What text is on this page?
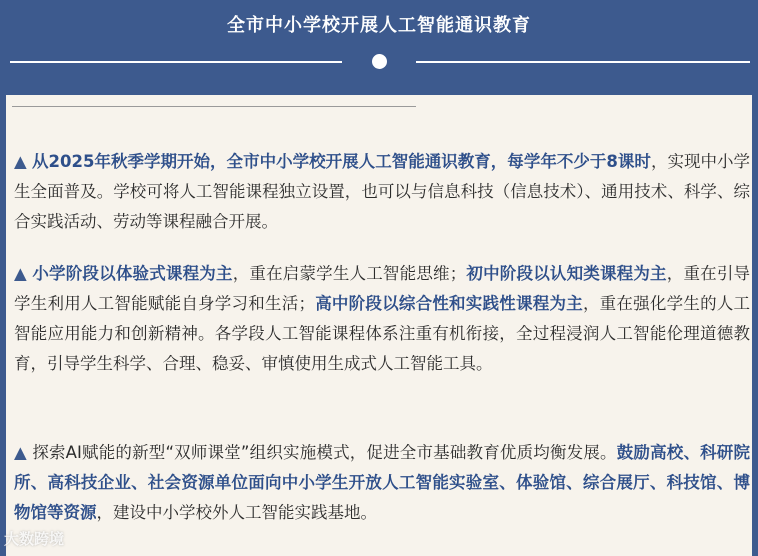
全市中小学校开展人工智能通识教育
▲ 从2025年秋季学期开始，全市中小学校开展人工智能通识教育，每学年不少于8课时，实现中小学生全面普及。学校可将人工智能课程独立设置，也可以与信息科技（信息技术）、通用技术、科学、综合实践活动、劳动等课程融合开展。
▲ 小学阶段以体验式课程为主，重在启蒙学生人工智能思维；初中阶段以认知类课程为主，重在引导学生利用人工智能赋能自身学习和生活；高中阶段以综合性和实践性课程为主，重在强化学生的人工智能应用能力和创新精神。各学段人工智能课程体系注重有机衔接，全过程浸润人工智能伦理道德教育，引导学生科学、合理、稳妥、审慎使用生成式人工智能工具。
▲ 探索AI赋能的新型“双师课堂”组织实施模式，促进全市基础教育优质均衡发展。鼓励高校、科研院所、高科技企业、社会资源单位面向中小学生开放人工智能实验室、体验馆、综合展厅、科技馆、博物馆等资源，建设中小学校外人工智能实践基地。
大数跨境
